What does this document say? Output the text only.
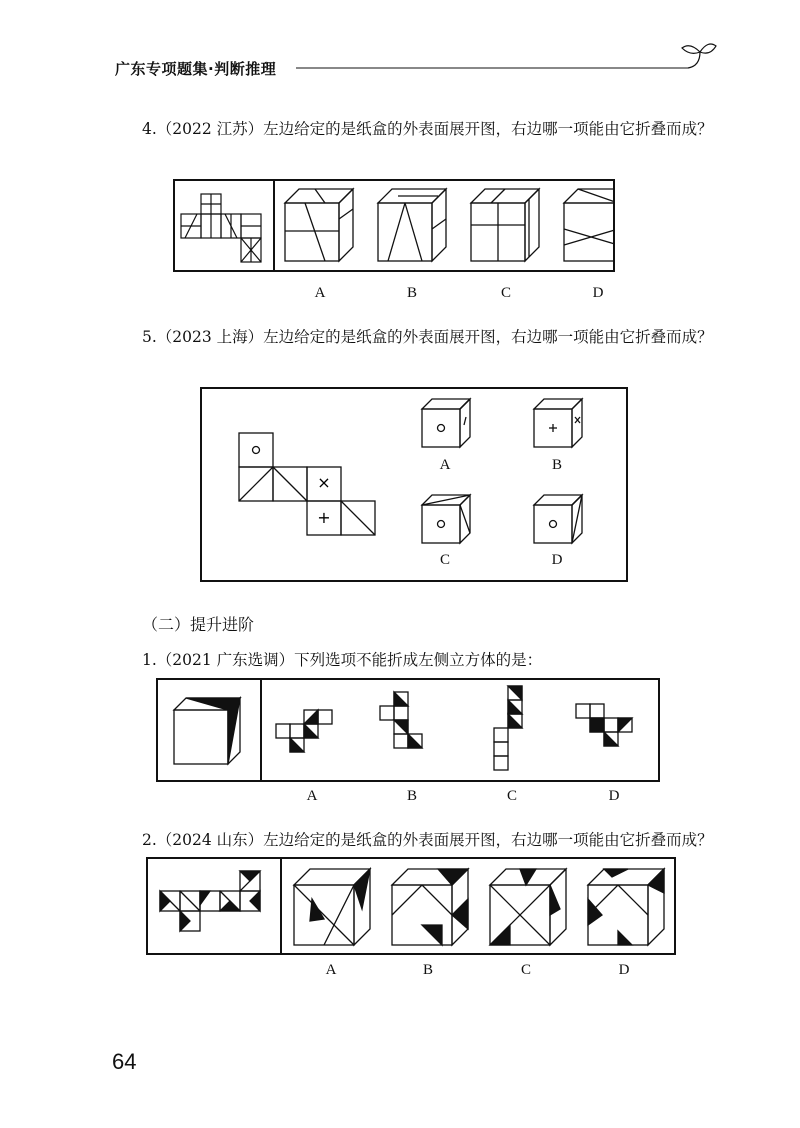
广东专项题集·判断推理
4.（2022 江苏）左边给定的是纸盒的外表面展开图，右边哪一项能由它折叠而成？
A	B	C	D
5.（2023 上海）左边给定的是纸盒的外表面展开图，右边哪一项能由它折叠而成？
×
+
A	B
C	D
（二）提升进阶
1.（2021 广东选调）下列选项不能折成左侧立方体的是：
A	B	C	D
2.（2024 山东）左边给定的是纸盒的外表面展开图，右边哪一项能由它折叠而成？
A	B	C	D
64
